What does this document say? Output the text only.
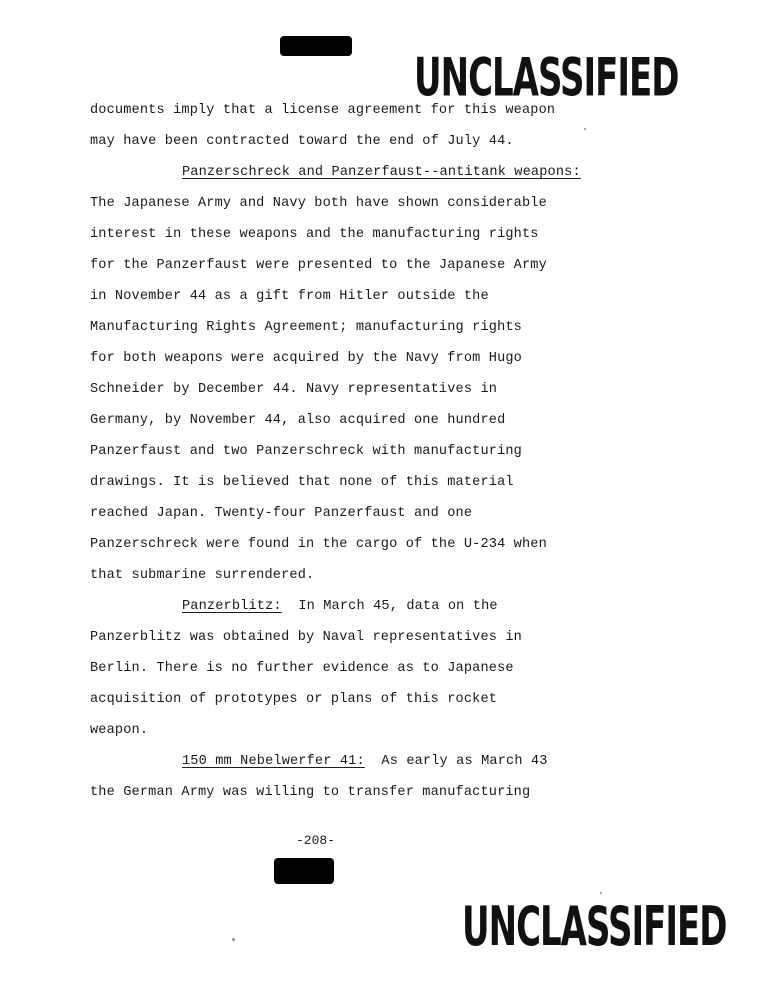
UNCLASSIFIED
documents imply that a license agreement for this weapon
may have been contracted toward the end of July 44.
Panzerschreck and Panzerfaust--antitank weapons:
The Japanese Army and Navy both have shown considerable
interest in these weapons and the manufacturing rights
for the Panzerfaust were presented to the Japanese Army
in November 44 as a gift from Hitler outside the
Manufacturing Rights Agreement; manufacturing rights
for both weapons were acquired by the Navy from Hugo
Schneider by December 44. Navy representatives in
Germany, by November 44, also acquired one hundred
Panzerfaust and two Panzerschreck with manufacturing
drawings. It is believed that none of this material
reached Japan. Twenty-four Panzerfaust and one
Panzerschreck were found in the cargo of the U-234 when
that submarine surrendered.
Panzerblitz:  In March 45, data on the
Panzerblitz was obtained by Naval representatives in
Berlin. There is no further evidence as to Japanese
acquisition of prototypes or plans of this rocket
weapon.
150 mm Nebelwerfer 41:  As early as March 43
the German Army was willing to transfer manufacturing
-208-
UNCLASSIFIED
